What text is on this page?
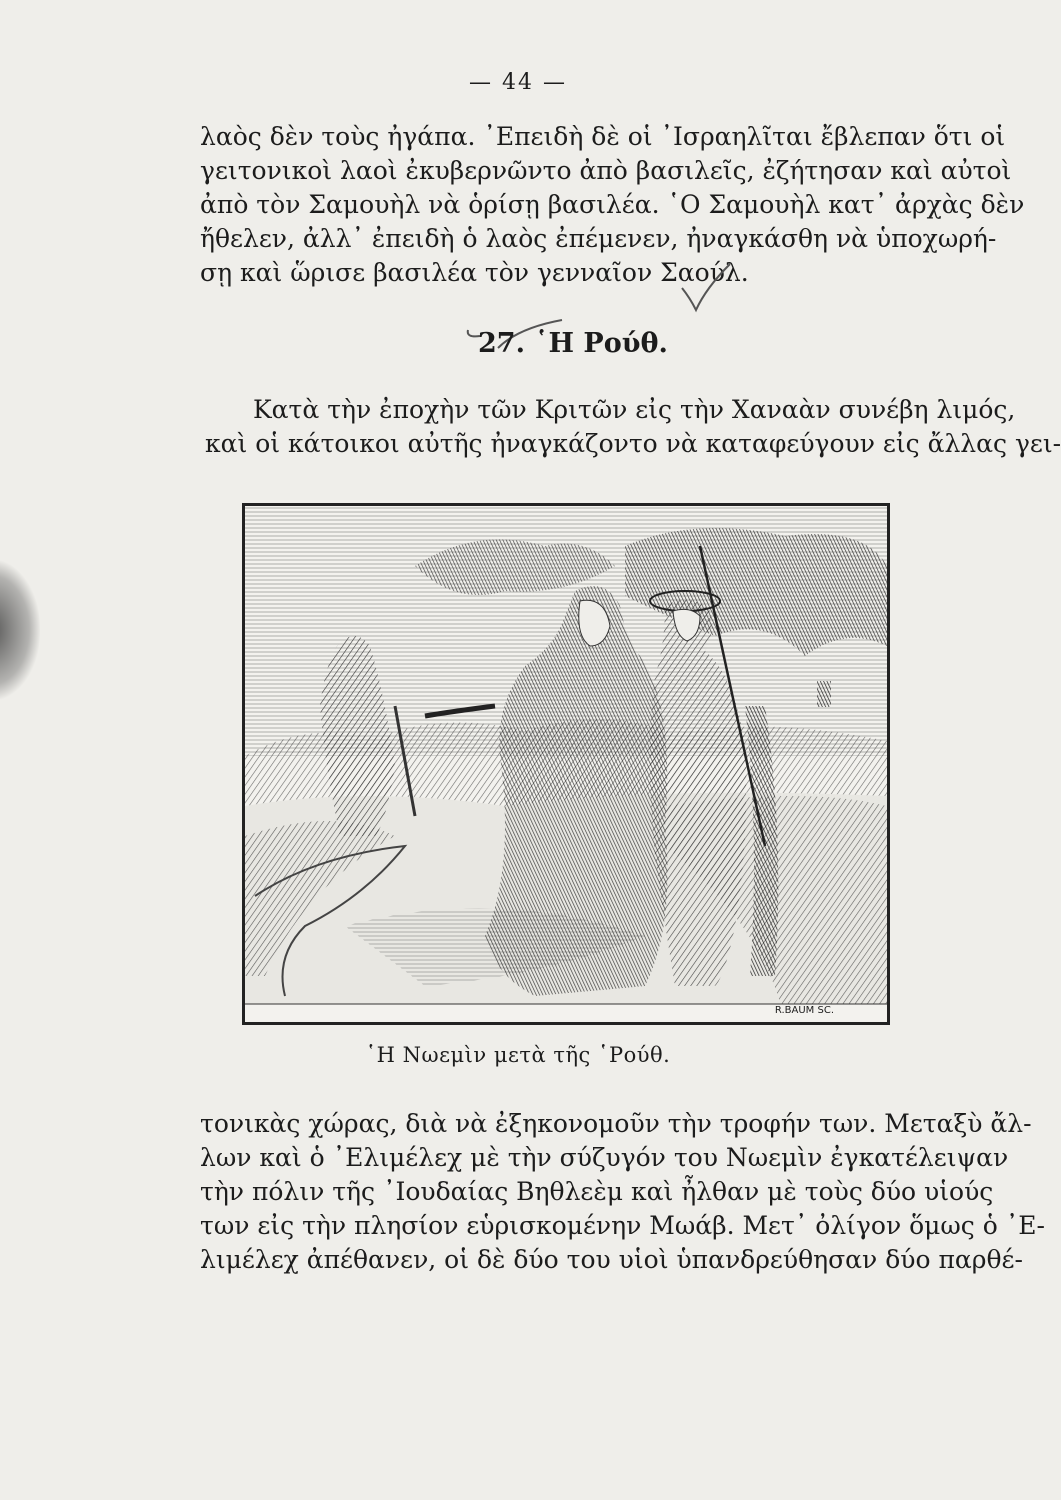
— 44 —
λαὸς δὲν τοὺς ἠγάπα. ᾿Επειδὴ δὲ οἱ ᾿Ισραηλῖται ἔβλεπαν ὅτι οἱ
γειτονικοὶ λαοὶ ἐκυβερνῶντο ἀπὸ βασιλεῖς, ἐζήτησαν καὶ αὐτοὶ
ἀπὸ τὸν Σαμουὴλ νὰ ὁρίσῃ βασιλέα. ῾Ο Σαμουὴλ κατ᾿ ἀρχὰς δὲν
ἤθελεν, ἀλλ᾿ ἐπειδὴ ὁ λαὸς ἐπέμενεν, ἠναγκάσθη νὰ ὑποχωρή-
σῃ καὶ ὥρισε βασιλέα τὸν γενναῖον Σαούλ.
27. ῾Η Ρούθ.
Κατὰ τὴν ἐποχὴν τῶν Κριτῶν εἰς τὴν Χαναὰν συνέβη λιμός,
καὶ οἱ κάτοικοι αὐτῆς ἠναγκάζοντο νὰ καταφεύγουν εἰς ἄλλας γει-
R.BAUM SC.
῾Η Νωεμὶν μετὰ τῆς ῾Ρούθ.
τονικὰς χώρας, διὰ νὰ ἐξηκονομοῦν τὴν τροφήν των. Μεταξὺ ἄλ-
λων καὶ ὁ ᾿Ελιμέλεχ μὲ τὴν σύζυγόν του Νωεμὶν ἐγκατέλειψαν
τὴν πόλιν τῆς ᾿Ιουδαίας Βηθλεὲμ καὶ ἦλθαν μὲ τοὺς δύο υἱούς
των εἰς τὴν πλησίον εὑρισκομένην Μωάβ. Μετ᾿ ὀλίγον ὅμως ὁ ᾿Ε-
λιμέλεχ ἀπέθανεν, οἱ δὲ δύο του υἱοὶ ὑπανδρεύθησαν δύο παρθέ-
